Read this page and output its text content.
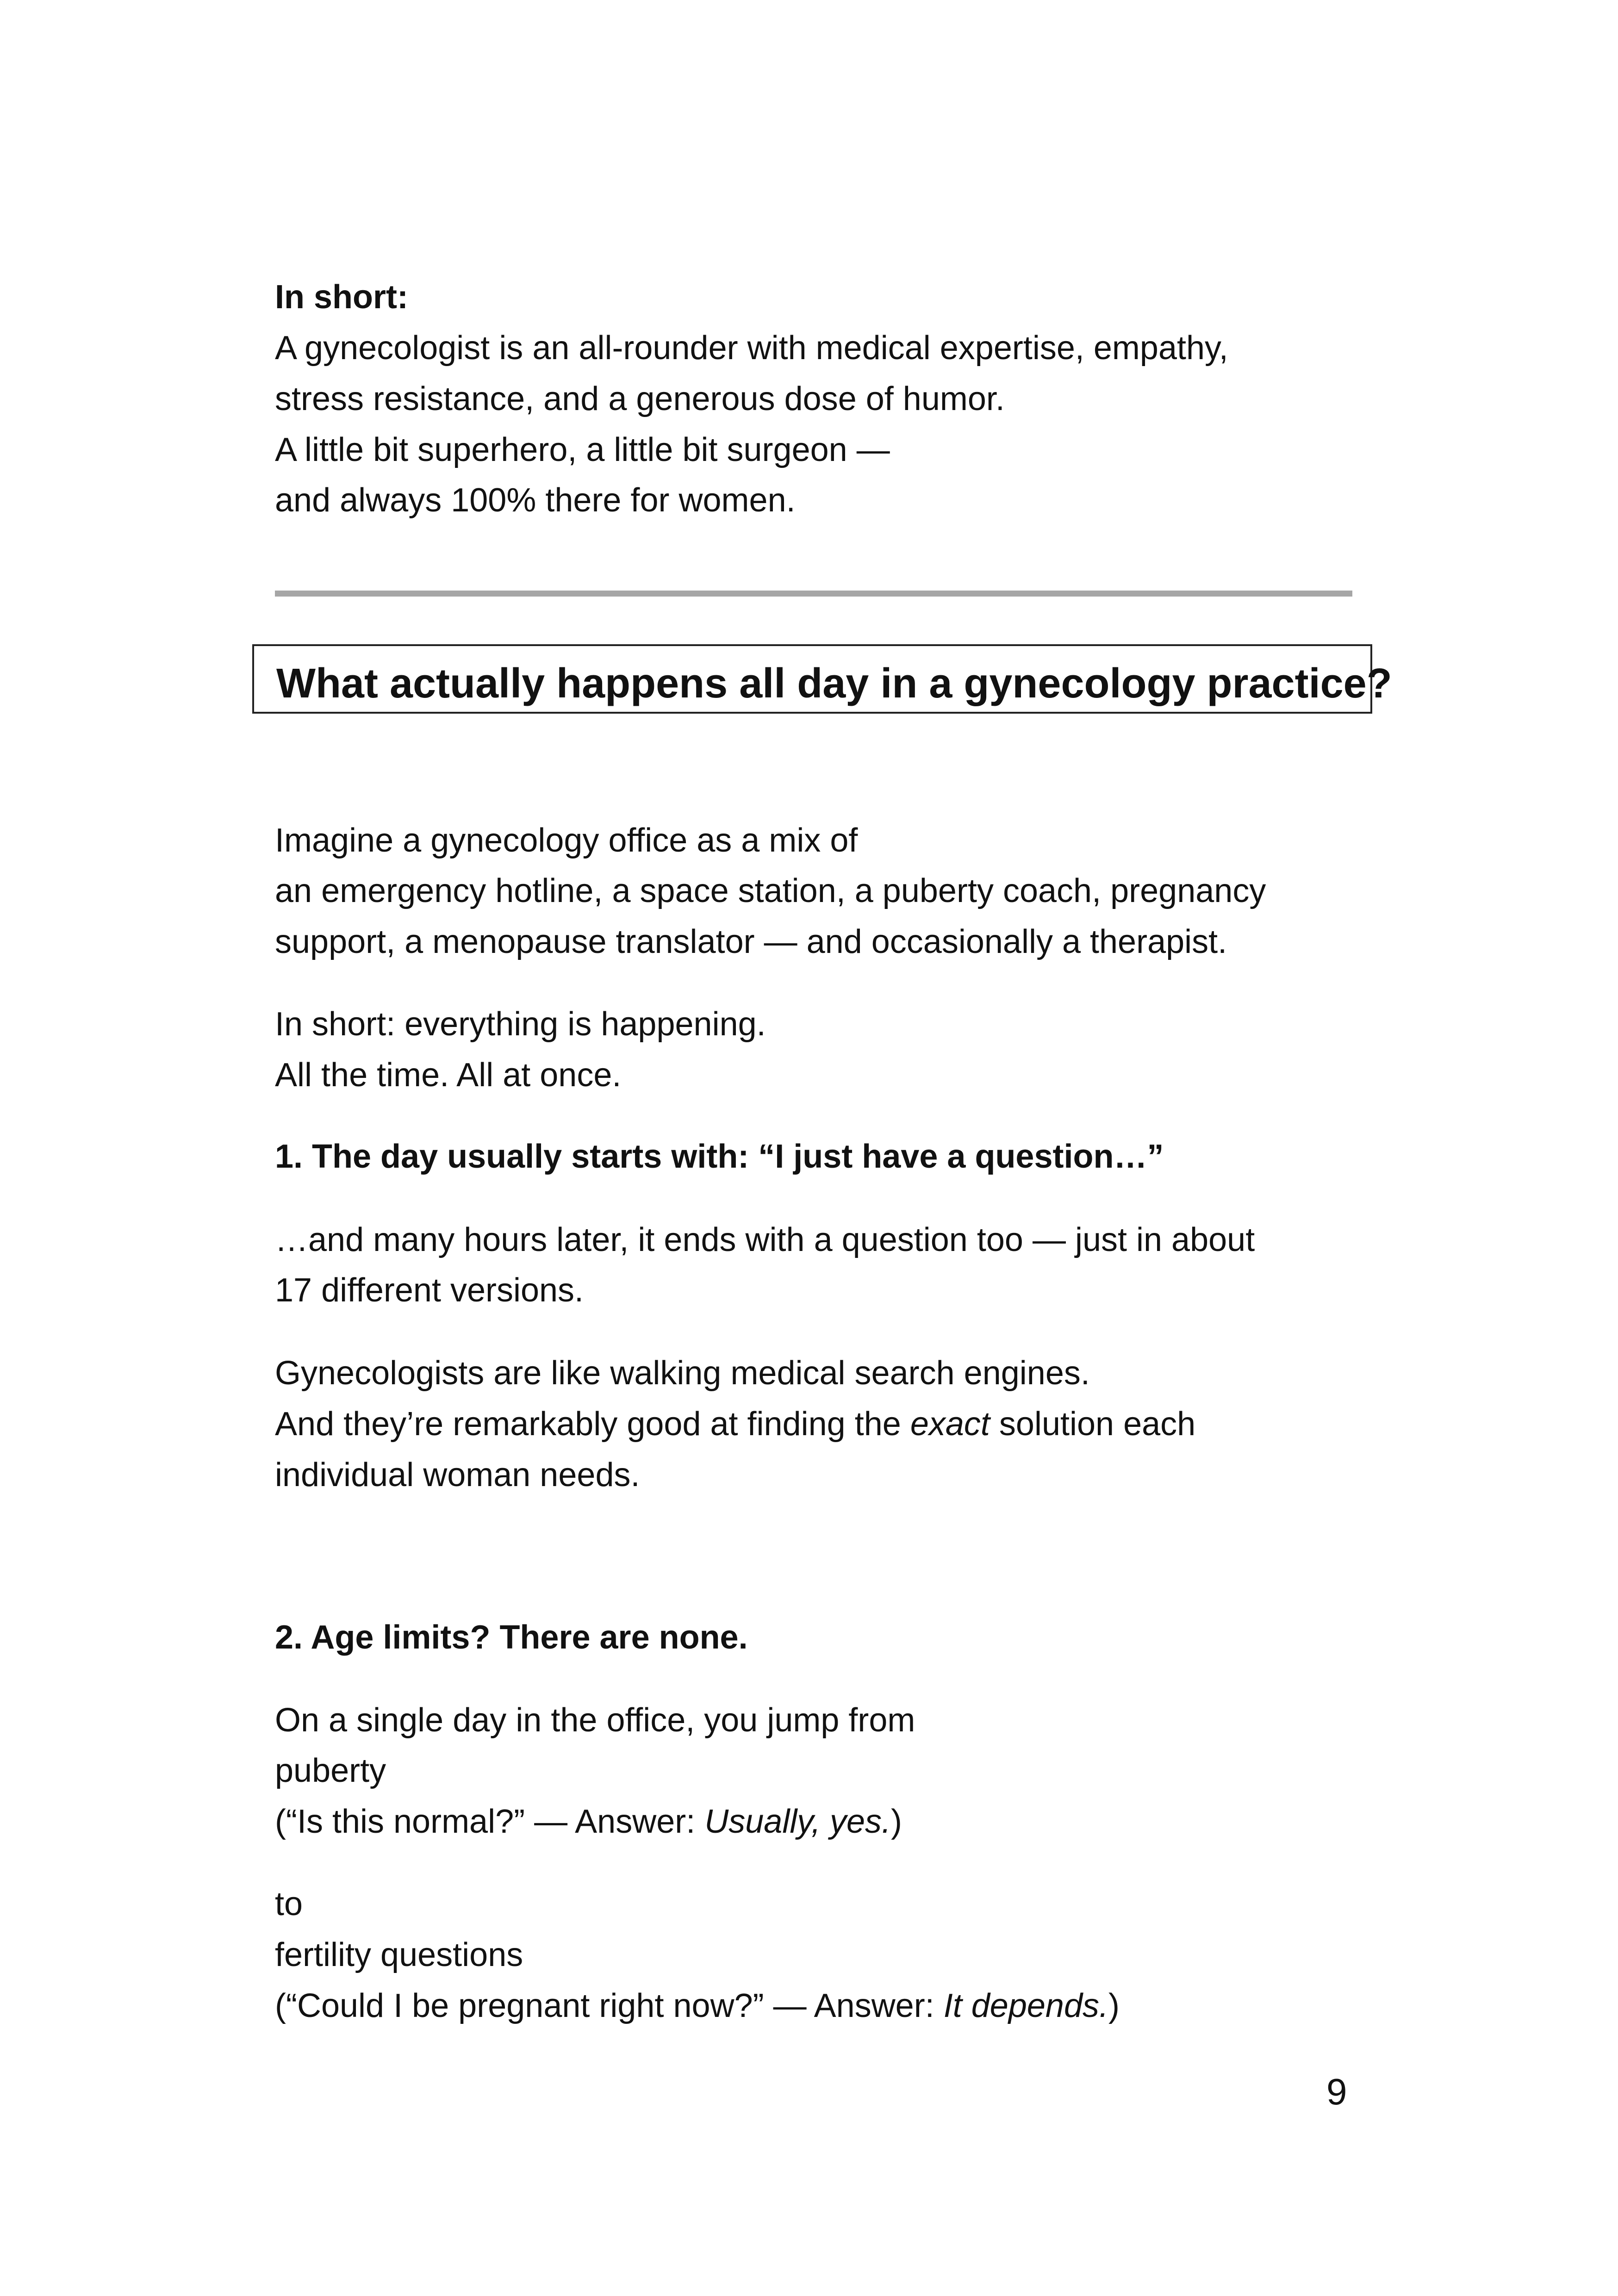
In short:

A gynecologist is an all-rounder with medical expertise, empathy,

stress resistance, and a generous dose of humor.

A little bit superhero, a little bit surgeon —

and always 100% there for women.

What actually happens all day in a gynecology practice?

Imagine a gynecology office as a mix of

an emergency hotline, a space station, a puberty coach, pregnancy

support, a menopause translator — and occasionally a therapist.

In short: everything is happening.

All the time. All at once.

1. The day usually starts with: “I just have a question…”

…and many hours later, it ends with a question too — just in about

17 different versions.

Gynecologists are like walking medical search engines.

And they’re remarkably good at finding the exact solution each

individual woman needs.

2. Age limits? There are none.

On a single day in the office, you jump from

puberty

(“Is this normal?” — Answer: Usually, yes.)

to

fertility questions

(“Could I be pregnant right now?” — Answer: It depends.)

9
